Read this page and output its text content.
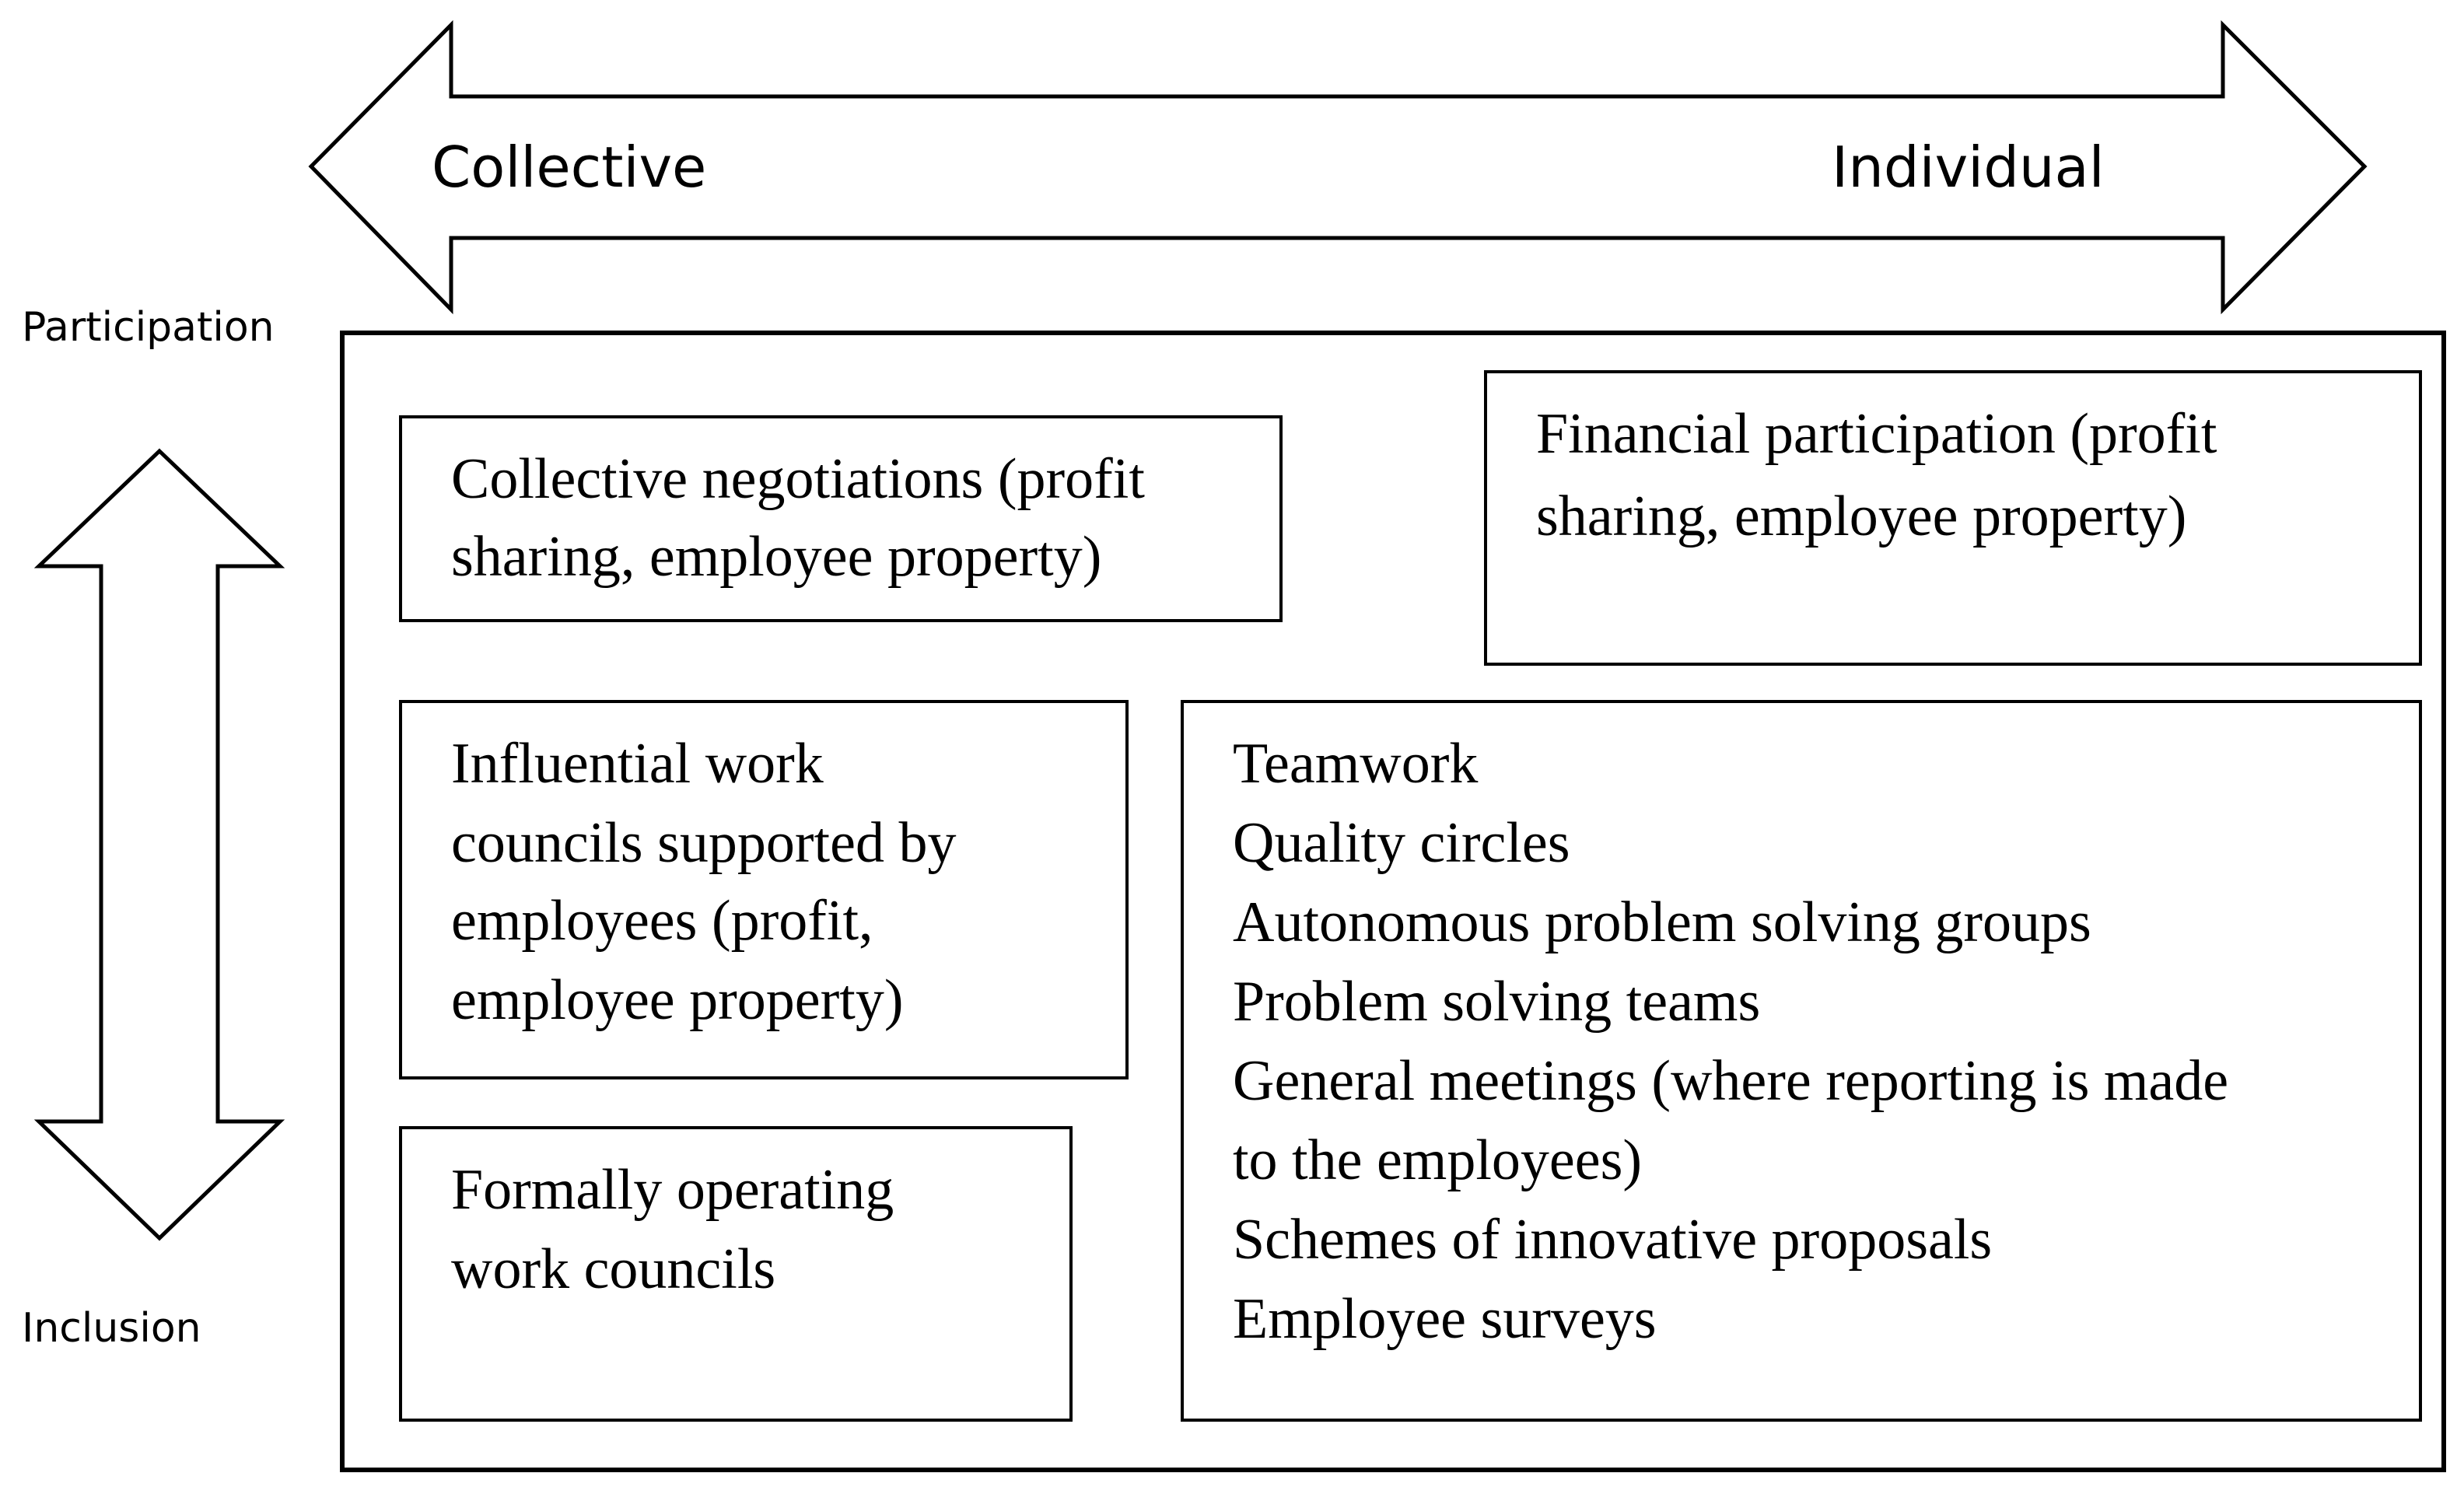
Collective	Individual
Participation
Inclusion
Collective negotiations (profit sharing, employee property)
Financial participation (profit sharing, employee property)
Influential work councils supported by employees (profit, employee property)
Formally operating work councils
Teamwork Quality circles Autonomous problem solving groups Problem solving teams General meetings (where reporting is made to the employees) Schemes of innovative proposals Employee surveys
